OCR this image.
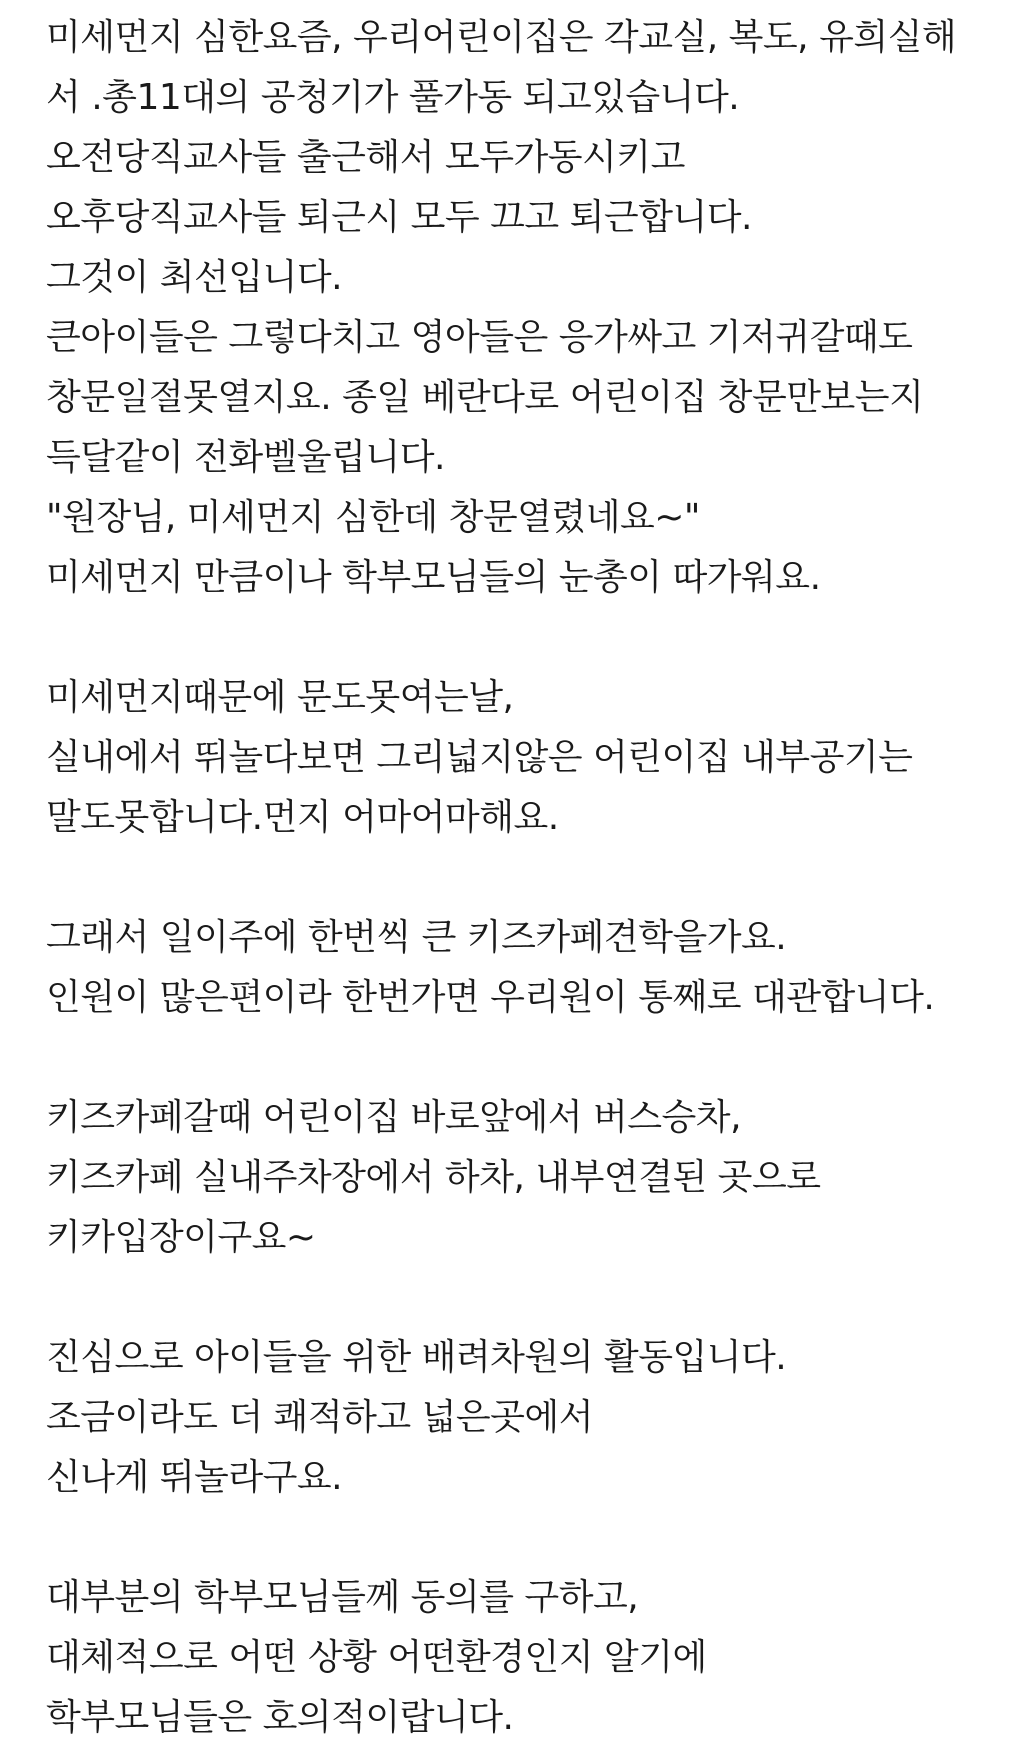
미세먼지 심한요즘, 우리어린이집은 각교실, 복도, 유희실해
서 .총11대의 공청기가 풀가동 되고있습니다.
오전당직교사들 출근해서 모두가동시키고
오후당직교사들 퇴근시 모두 끄고 퇴근합니다.
그것이 최선입니다.
큰아이들은 그렇다치고 영아들은 응가싸고 기저귀갈때도
창문일절못열지요. 종일 베란다로 어린이집 창문만보는지
득달같이 전화벨울립니다.
"원장님, 미세먼지 심한데 창문열렸네요~"
미세먼지 만큼이나 학부모님들의 눈총이 따가워요.
미세먼지때문에 문도못여는날,
실내에서 뛰놀다보면 그리넓지않은 어린이집 내부공기는
말도못합니다.먼지 어마어마해요.
그래서 일이주에 한번씩 큰 키즈카페견학을가요.
인원이 많은편이라 한번가면 우리원이 통째로 대관합니다.
키즈카페갈때 어린이집 바로앞에서 버스승차,
키즈카페 실내주차장에서 하차, 내부연결된 곳으로
키카입장이구요~
진심으로 아이들을 위한 배려차원의 활동입니다.
조금이라도 더 쾌적하고 넓은곳에서
신나게 뛰놀라구요.
대부분의 학부모님들께 동의를 구하고,
대체적으로 어떤 상황 어떤환경인지 알기에
학부모님들은 호의적이랍니다.
